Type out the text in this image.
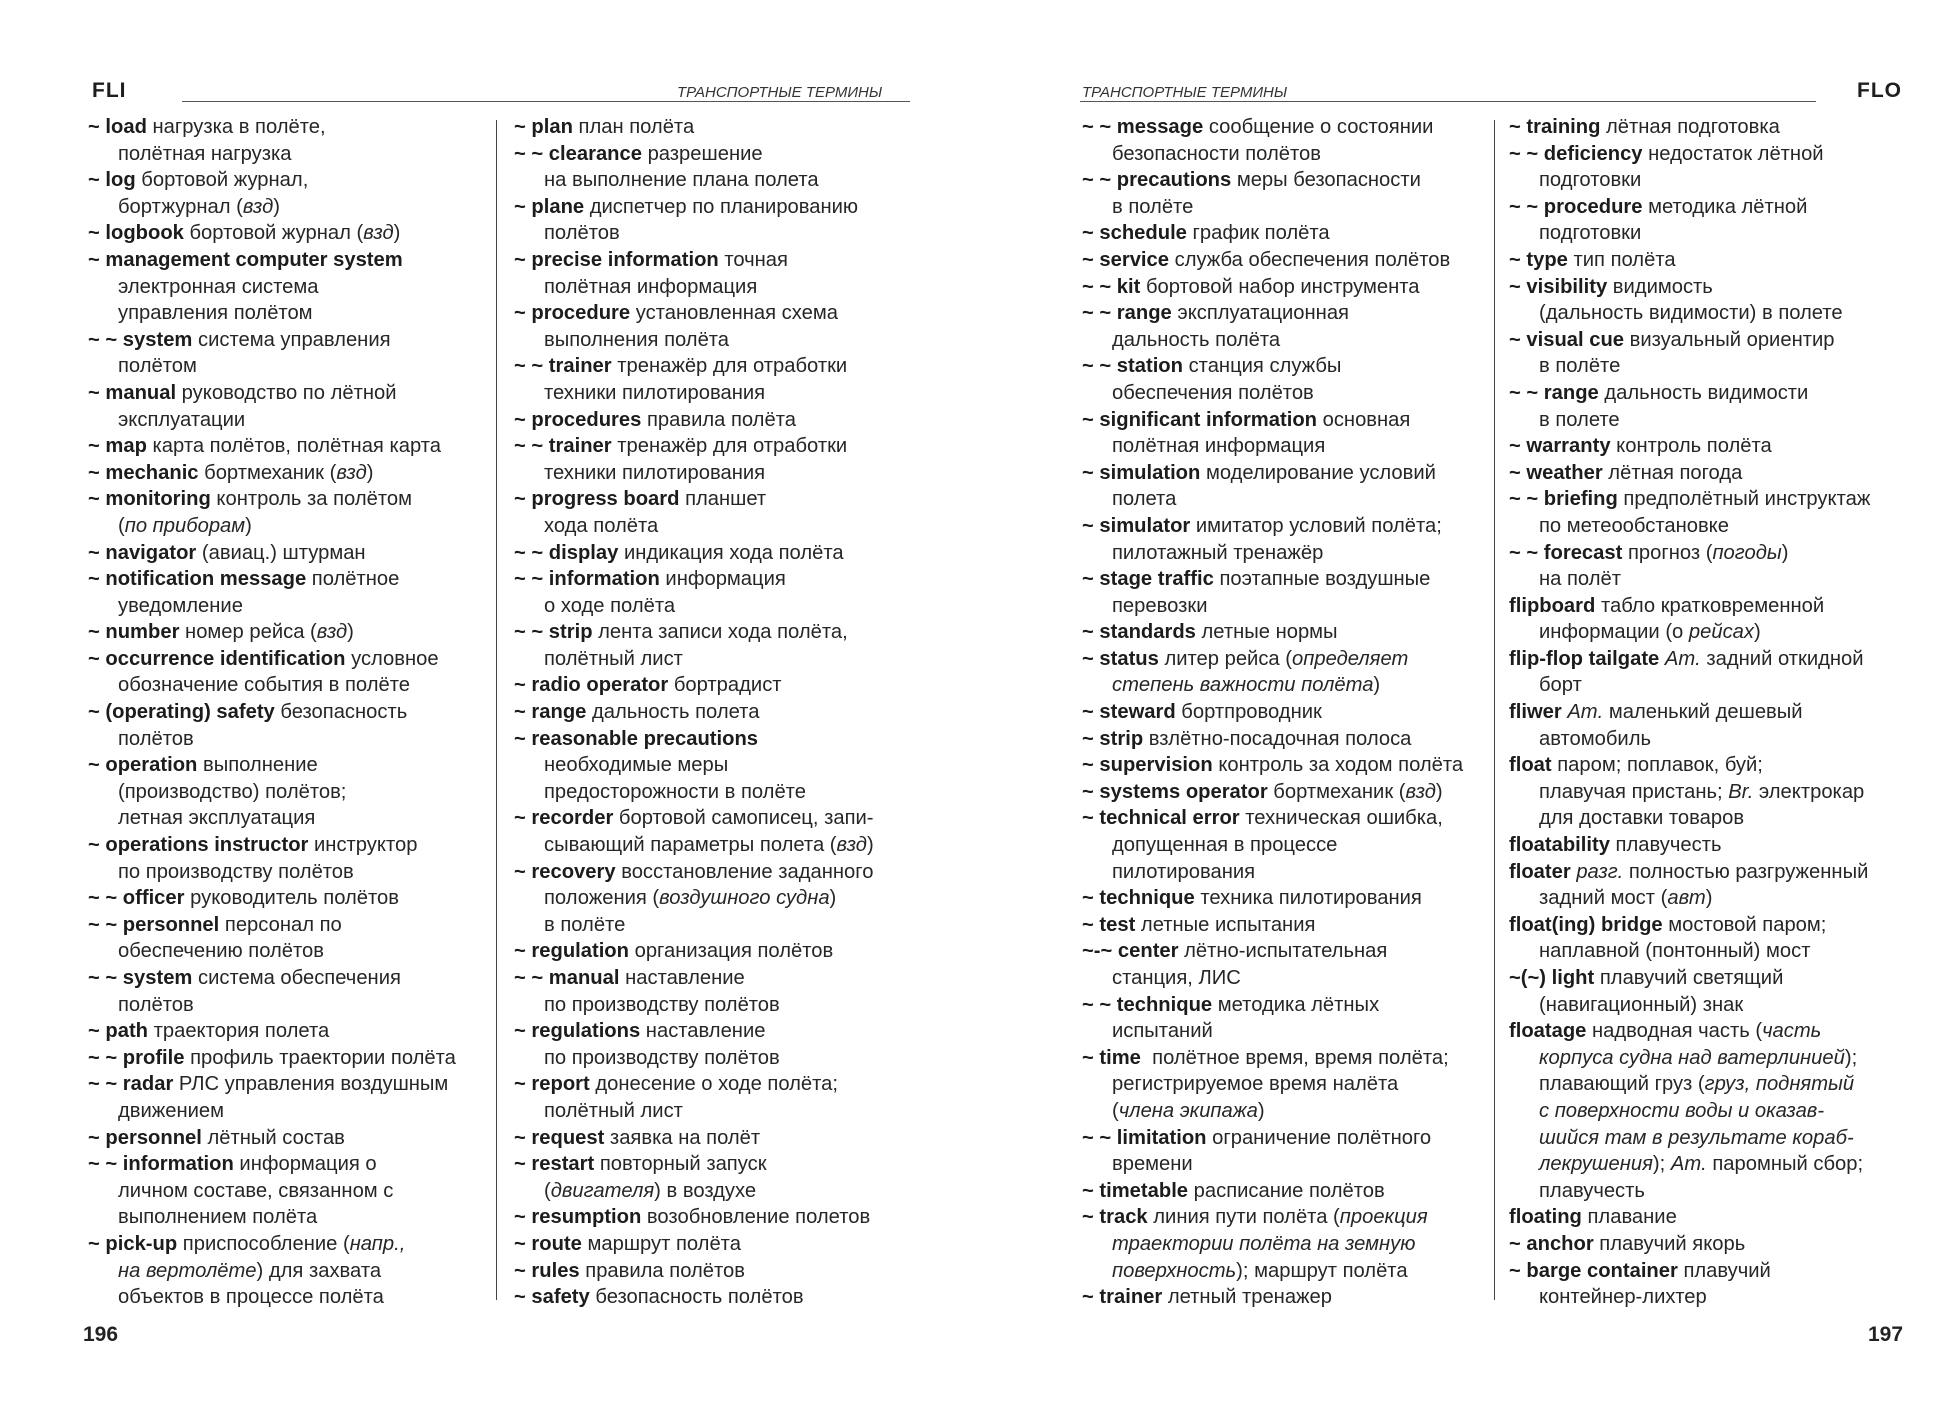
FLI	ТРАНСПОРТНЫЕ ТЕРМИНЫ
~ load нагрузка в полёте,
полётная нагрузка
~ log бортовой журнал,
бортжурнал (взд)
~ logbook бортовой журнал (взд)
~ management computer system
электронная система
управления полётом
~ ~ system система управления
полётом
~ manual руководство по лётной
эксплуатации
~ map карта полётов, полётная карта
~ mechanic бортмеханик (взд)
~ monitoring контроль за полётом
(по приборам)
~ navigator (авиац.) штурман
~ notification message полётное
уведомление
~ number номер рейса (взд)
~ occurrence identification условное
обозначение события в полёте
~ (operating) safety безопасность
полётов
~ operation выполнение
(производство) полётов;
летная эксплуатация
~ operations instructor инструктор
по производству полётов
~ ~ officer руководитель полётов
~ ~ personnel персонал по
обеспечению полётов
~ ~ system система обеспечения
полётов
~ path траектория полета
~ ~ profile профиль траектории полёта
~ ~ radar РЛС управления воздушным
движением
~ personnel лётный состав
~ ~ information информация о
личном составе, связанном с
выполнением полёта
~ pick-up приспособление (напр.,
на вертолёте) для захвата
объектов в процессе полёта
~ plan план полёта
~ ~ clearance разрешение
на выполнение плана полета
~ plane диспетчер по планированию
полётов
~ precise information точная
полётная информация
~ procedure установленная схема
выполнения полёта
~ ~ trainer тренажёр для отработки
техники пилотирования
~ procedures правила полёта
~ ~ trainer тренажёр для отработки
техники пилотирования
~ progress board планшет
хода полёта
~ ~ display индикация хода полёта
~ ~ information информация
о ходе полёта
~ ~ strip лента записи хода полёта,
полётный лист
~ radio operator бортрадист
~ range дальность полета
~ reasonable precautions
необходимые меры
предосторожности в полёте
~ recorder бортовой самописец, запи-
сывающий параметры полета (взд)
~ recovery восстановление заданного
положения (воздушного судна)
в полёте
~ regulation организация полётов
~ ~ manual наставление
по производству полётов
~ regulations наставление
по производству полётов
~ report донесение о ходе полёта;
полётный лист
~ request заявка на полёт
~ restart повторный запуск
(двигателя) в воздухе
~ resumption возобновление полетов
~ route маршрут полёта
~ rules правила полётов
~ safety безопасность полётов
196
ТРАНСПОРТНЫЕ ТЕРМИНЫ	FLO
~ ~ message сообщение о состоянии
безопасности полётов
~ ~ precautions меры безопасности
в полёте
~ schedule график полёта
~ service служба обеспечения полётов
~ ~ kit бортовой набор инструмента
~ ~ range эксплуатационная
дальность полёта
~ ~ station станция службы
обеспечения полётов
~ significant information основная
полётная информация
~ simulation моделирование условий
полета
~ simulator имитатор условий полёта;
пилотажный тренажёр
~ stage traffic поэтапные воздушные
перевозки
~ standards летные нормы
~ status литер рейса (определяет
степень важности полёта)
~ steward бортпроводник
~ strip взлётно-посадочная полоса
~ supervision контроль за ходом полёта
~ systems operator бортмеханик (взд)
~ technical error техническая ошибка,
допущенная в процессе
пилотирования
~ technique техника пилотирования
~ test летные испытания
~-~ center лётно-испытательная
станция, ЛИС
~ ~ technique методика лётных
испытаний
~ time  полётное время, время полёта;
регистрируемое время налёта
(члена экипажа)
~ ~ limitation ограничение полётного
времени
~ timetable расписание полётов
~ track линия пути полёта (проекция
траектории полёта на земную
поверхность); маршрут полёта
~ trainer летный тренажер
~ training лётная подготовка
~ ~ deficiency недостаток лётной
подготовки
~ ~ procedure методика лётной
подготовки
~ type тип полёта
~ visibility видимость
(дальность видимости) в полете
~ visual cue визуальный ориентир
в полёте
~ ~ range дальность видимости
в полете
~ warranty контроль полёта
~ weather лётная погода
~ ~ briefing предполётный инструктаж
по метеообстановке
~ ~ forecast прогноз (погоды)
на полёт
flipboard табло кратковременной
информации (о рейсах)
flip-flop tailgate Am. задний откидной
борт
fliwer Am. маленький дешевый
автомобиль
float паром; поплавок, буй;
плавучая пристань; Br. электрокар
для доставки товаров
floatability плавучесть
floater разг. полностью разгруженный
задний мост (авт)
float(ing) bridge мостовой паром;
наплавной (понтонный) мост
~(~) light плавучий светящий
(навигационный) знак
floatage надводная часть (часть
корпуса судна над ватерлинией);
плавающий груз (груз, поднятый
с поверхности воды и оказав-
шийся там в результате кораб-
лекрушения); Am. паромный сбор;
плавучесть
floating плавание
~ anchor плавучий якорь
~ barge container плавучий
контейнер-лихтер
197
